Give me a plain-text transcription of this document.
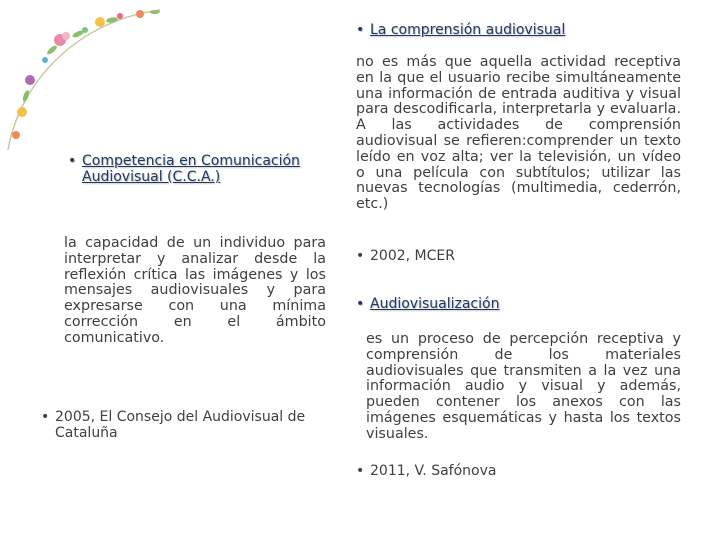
• Competencia en Comunicación Audiovisual (C.C.A.)
la capacidad de un individuo para interpretar y analizar desde la reflexión crítica las imágenes y los mensajes audiovisuales y para expresarse con una mínima corrección en el ámbito comunicativo.
• 2005, El Consejo del Audiovisual de Cataluña
• La comprensión audiovisual
no es más que aquella actividad receptiva en la que el usuario recibe simultáneamente una información de entrada auditiva y visual para descodificarla, interpretarla y evaluarla. A las actividades de comprensión audiovisual se refieren:comprender un texto leído en voz alta; ver la televisión, un vídeo o una película con subtítulos; utilizar las nuevas tecnologías (multimedia, cederrón, etc.)
• 2002, MCER
• Audiovisualización
es un proceso de percepción receptiva y comprensión de los materiales audiovisuales que transmiten a la vez una información audio y visual y además, pueden contener los anexos con las imágenes esquemáticas y hasta los textos visuales.
• 2011, V. Safónova
